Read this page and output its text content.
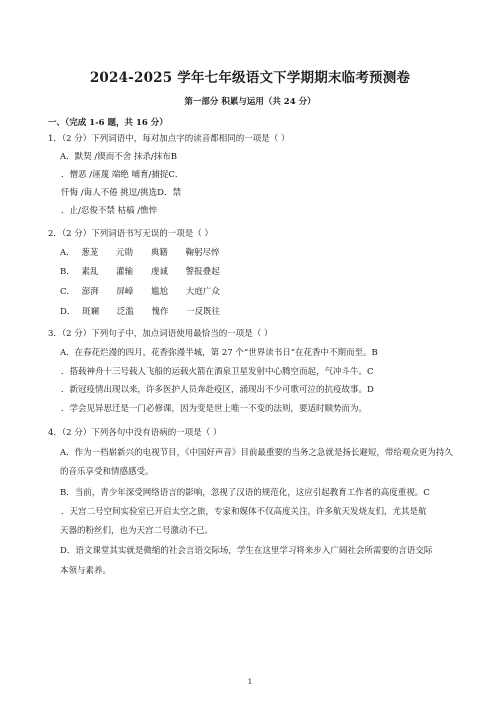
2024-2025 学年七年级语文下学期期末临考预测卷
第一部分 积累与运用（共 24 分）
一、（完成 1-6 题，共 16 分）
1．（2 分）下列词语中，每对加点字的读音都相同的一项是（ ）
A．默契 /锲而不舍 抹杀/抹布B
．憎恶 /诬蔑 端绝 哺育/捕捉C．
忏悔 /诲人不倦 挑逗/挑选D．禁
．止/忍俊不禁 枯槁 /憔悴
2．（2 分）下列词语书写无误的一项是（ ）
A． 葱茏 元勋 典籍 鞠躬尽悴
B． 素乱 灌输 虔诚 警报叠起
C． 澎湃 屏嶂 尴尬 大庭广众
D． 斑斓 泛滥 愧作 一反既往
3．（2 分）下列句子中，加点词语使用最恰当的一项是（ ）
A．在春花烂漫的四月，花香弥漫半城，第 27 个“世界读书日”在花香中不期而至。B
．搭载神舟十三号载人飞船的运载火箭在酒泉卫星发射中心腾空而起，气冲斗牛。C
．新冠疫情出现以来，许多医护人员奔赴疫区，涌现出不少可歌可泣的抗疫故事。D
．学会见异思迁是一门必修课，因为变是世上唯一不变的法则，要适时顺势而为。
4．（2 分）下列各句中没有语病的一项是（ ）
A．作为一档崭新兴的电视节目，《中国好声音》目前最重要的当务之急就是扬长避短，带给观众更为持久
的音乐享受和情感感受。
B．当前，青少年深受网络语言的影响，忽视了汉语的规范化，这应引起教育工作者的高度重视。C
．天宫二号空间实验室已开启太空之旅，专家和媒体不仅高度关注，许多航天发烧友们，尤其是航
天器的粉丝们，也为天宫二号激动不已。
D．语文课堂其实就是微缩的社会言语交际场，学生在这里学习将来步入广阔社会所需要的言语交际
本领与素养。
1
